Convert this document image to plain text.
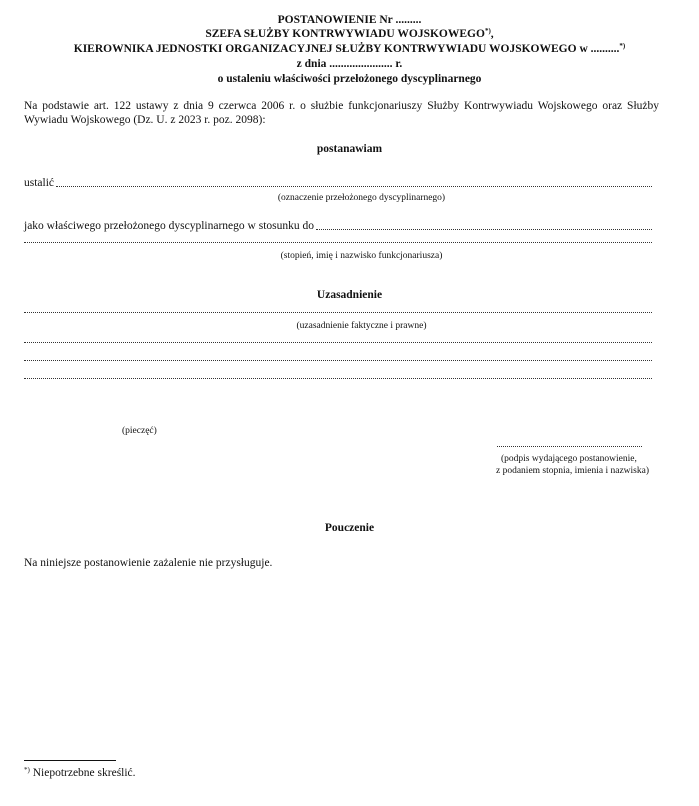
POSTANOWIENIE Nr .........
SZEFA SŁUŻBY KONTRWYWIADU WOJSKOWEGO*),
KIEROWNIKA JEDNOSTKI ORGANIZACYJNEJ SŁUŻBY KONTRWYWIADU WOJSKOWEGO w ..........*)
z dnia ...................... r.
o ustaleniu właściwości przełożonego dyscyplinarnego
Na podstawie art. 122 ustawy z dnia 9 czerwca 2006 r. o służbie funkcjonariuszy Służby Kontrwywiadu Wojskowego oraz Służby Wywiadu Wojskowego (Dz. U. z 2023 r. poz. 2098):
postanawiam
ustalić
(oznaczenie przełożonego dyscyplinarnego)
jako właściwego przełożonego dyscyplinarnego w stosunku do
(stopień, imię i nazwisko funkcjonariusza)
Uzasadnienie
(uzasadnienie faktyczne i prawne)
(pieczęć)
(podpis wydającego postanowienie,
z podaniem stopnia, imienia i nazwiska)
Pouczenie
Na niniejsze postanowienie zażalenie nie przysługuje.
*) Niepotrzebne skreślić.
